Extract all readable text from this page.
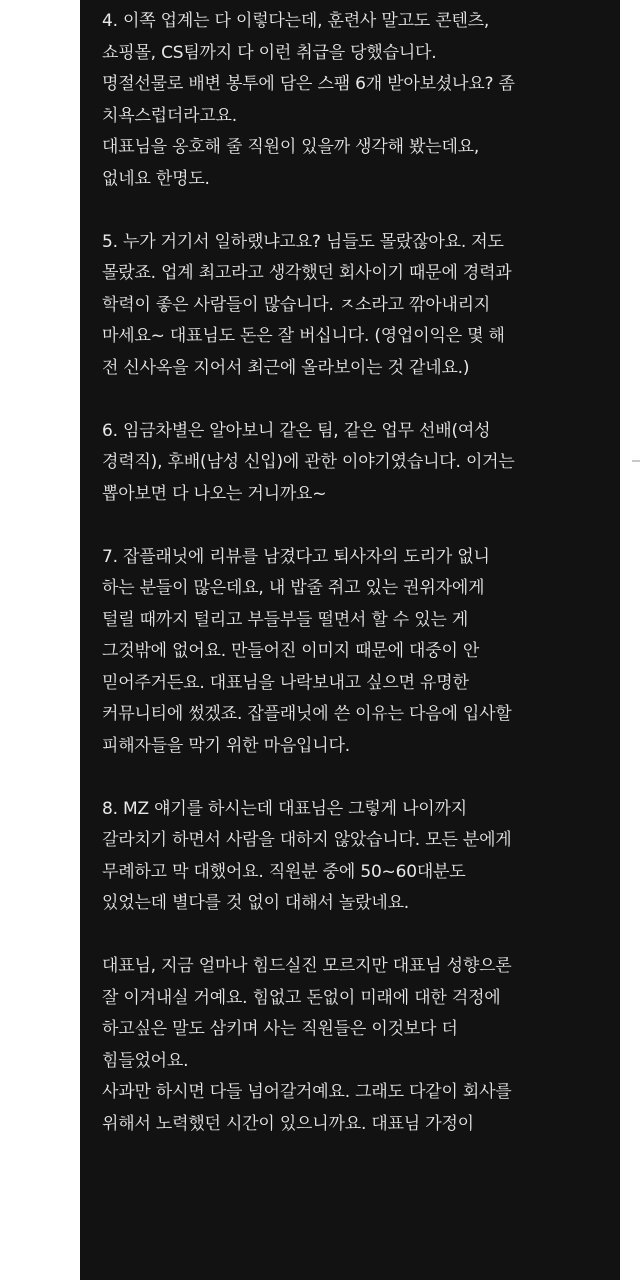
4. 이쪽 업계는 다 이렇다는데, 훈련사 말고도 콘텐츠,
쇼핑몰, CS팀까지 다 이런 취급을 당했습니다.
명절선물로 배변 봉투에 담은 스팸 6개 받아보셨나요? 좀
치욕스럽더라고요.
대표님을 옹호해 줄 직원이 있을까 생각해 봤는데요,
없네요 한명도.
5. 누가 거기서 일하랬냐고요? 님들도 몰랐잖아요. 저도
몰랐죠. 업계 최고라고 생각했던 회사이기 때문에 경력과
학력이 좋은 사람들이 많습니다. ㅈ소라고 깎아내리지
마세요~ 대표님도 돈은 잘 버십니다. (영업이익은 몇 해
전 신사옥을 지어서 최근에 올라보이는 것 같네요.)
6. 임금차별은 알아보니 같은 팀, 같은 업무 선배(여성
경력직), 후배(남성 신입)에 관한 이야기였습니다. 이거는
뽑아보면 다 나오는 거니까요~
7. 잡플래닛에 리뷰를 남겼다고 퇴사자의 도리가 없니
하는 분들이 많은데요, 내 밥줄 쥐고 있는 권위자에게
털릴 때까지 털리고 부들부들 떨면서 할 수 있는 게
그것밖에 없어요. 만들어진 이미지 때문에 대중이 안
믿어주거든요. 대표님을 나락보내고 싶으면 유명한
커뮤니티에 썼겠죠. 잡플래닛에 쓴 이유는 다음에 입사할
피해자들을 막기 위한 마음입니다.
8. MZ 얘기를 하시는데 대표님은 그렇게 나이까지
갈라치기 하면서 사람을 대하지 않았습니다. 모든 분에게
무례하고 막 대했어요. 직원분 중에 50~60대분도
있었는데 별다를 것 없이 대해서 놀랐네요.
대표님, 지금 얼마나 힘드실진 모르지만 대표님 성향으론
잘 이겨내실 거예요. 힘없고 돈없이 미래에 대한 걱정에
하고싶은 말도 삼키며 사는 직원들은 이것보다 더
힘들었어요.
사과만 하시면 다들 넘어갈거예요. 그래도 다같이 회사를
위해서 노력했던 시간이 있으니까요. 대표님 가정이
